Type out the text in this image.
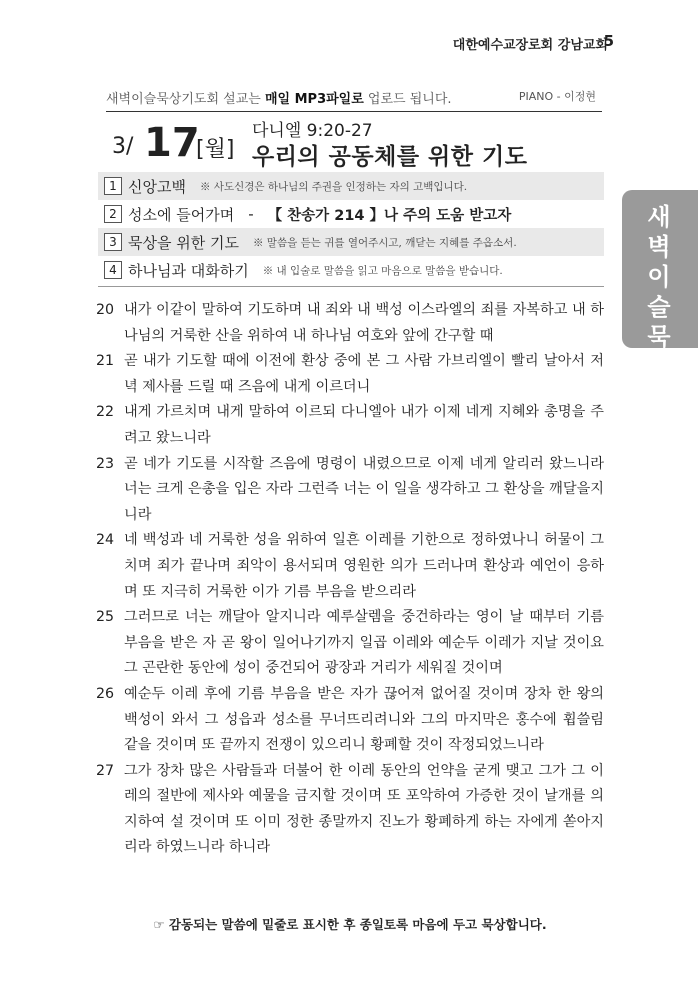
대한예수교장로회 강남교회
5
새벽이슬묵상기도회 설교는 매일 MP3파일로 업로드 됩니다.	PIANO - 이정현
3/ 17
[월]
다니엘 9:20-27
우리의 공동체를 위한 기도
1 신앙고백 ※ 사도신경은 하나님의 주권을 인정하는 자의 고백입니다.
2 성소에 들어가며 - 【 찬송가 214 】나 주의 도움 받고자
3 묵상을 위한 기도 ※ 말씀을 듣는 귀를 열어주시고, 깨닫는 지혜를 주옵소서.
4 하나님과 대화하기 ※ 내 입술로 말씀을 읽고 마음으로 말씀을 받습니다.
20 내가 이같이 말하여 기도하며 내 죄와 내 백성 이스라엘의 죄를 자복하고 내 하나님의 거룩한 산을 위하여 내 하나님 여호와 앞에 간구할 때
21 곧 내가 기도할 때에 이전에 환상 중에 본 그 사람 가브리엘이 빨리 날아서 저녁 제사를 드릴 때 즈음에 내게 이르더니
22 내게 가르치며 내게 말하여 이르되 다니엘아 내가 이제 네게 지혜와 총명을 주려고 왔느니라
23 곧 네가 기도를 시작할 즈음에 명령이 내렸으므로 이제 네게 알리러 왔느니라 너는 크게 은총을 입은 자라 그런즉 너는 이 일을 생각하고 그 환상을 깨달을지니라
24 네 백성과 네 거룩한 성을 위하여 일흔 이레를 기한으로 정하였나니 허물이 그치며 죄가 끝나며 죄악이 용서되며 영원한 의가 드러나며 환상과 예언이 응하며 또 지극히 거룩한 이가 기름 부음을 받으리라
25 그러므로 너는 깨달아 알지니라 예루살렘을 중건하라는 영이 날 때부터 기름 부음을 받은 자 곧 왕이 일어나기까지 일곱 이레와 예순두 이레가 지날 것이요 그 곤란한 동안에 성이 중건되어 광장과 거리가 세워질 것이며
26 예순두 이레 후에 기름 부음을 받은 자가 끊어져 없어질 것이며 장차 한 왕의 백성이 와서 그 성읍과 성소를 무너뜨리려니와 그의 마지막은 홍수에 휩쓸림 같을 것이며 또 끝까지 전쟁이 있으리니 황폐할 것이 작정되었느니라
27 그가 장차 많은 사람들과 더불어 한 이레 동안의 언약을 굳게 맺고 그가 그 이레의 절반에 제사와 예물을 금지할 것이며 또 포악하여 가증한 것이 날개를 의지하여 설 것이며 또 이미 정한 종말까지 진노가 황폐하게 하는 자에게 쏟아지리라 하였느니라 하니라
☞ 감동되는 말씀에 밑줄로 표시한 후 종일토록 마음에 두고 묵상합니다.
새
벽
이
슬
묵
상
